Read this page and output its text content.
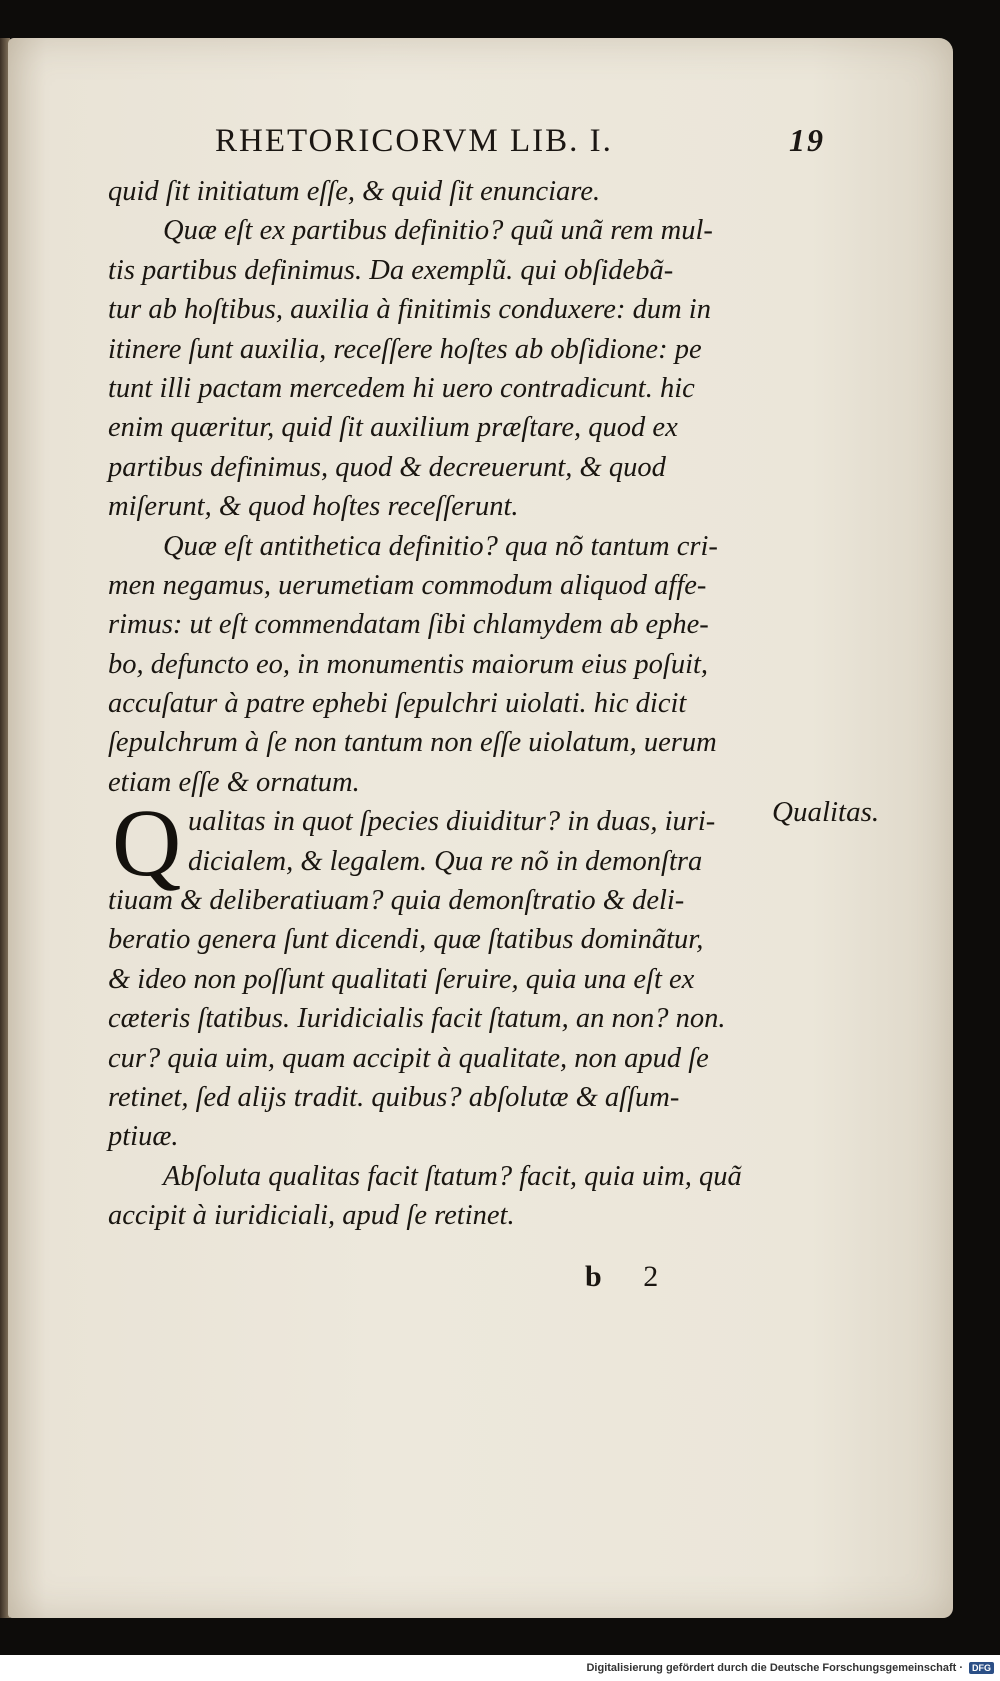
RHETORICORVM LIB. I.	19
quid ſit initiatum eſſe, & quid ſit enunciare.
Quæ eſt ex partibus definitio? quũ unã rem mul-
tis partibus definimus. Da exemplũ. qui obſidebã-
tur ab hoſtibus, auxilia à finitimis conduxere: dum in
itinere ſunt auxilia, receſſere hoſtes ab obſidione: pe
tunt illi pactam mercedem hi uero contradicunt. hic
enim quæritur, quid ſit auxilium præſtare, quod ex
partibus definimus, quod & decreuerunt, & quod
miſerunt, & quod hoſtes receſſerunt.
Quæ eſt antithetica definitio? qua nõ tantum cri-
men negamus, uerumetiam commodum aliquod affe-
rimus: ut eſt commendatam ſibi chlamydem ab ephe-
bo, defuncto eo, in monumentis maiorum eius poſuit,
accuſatur à patre ephebi ſepulchri uiolati. hic dicit
ſepulchrum à ſe non tantum non eſſe uiolatum, uerum
etiam eſſe & ornatum.
Q ualitas in quot ſpecies diuiditur? in duas, iuri-
dicialem, & legalem. Qua re nõ in demonſtra
tiuam & deliberatiuam? quia demonſtratio & deli-
beratio genera ſunt dicendi, quæ ſtatibus dominãtur,
& ideo non poſſunt qualitati ſeruire, quia una eſt ex
cæteris ſtatibus. Iuridicialis facit ſtatum, an non? non.
cur? quia uim, quam accipit à qualitate, non apud ſe
retinet, ſed alijs tradit. quibus? abſolutæ & aſſum-
ptiuæ.
Abſoluta qualitas facit ſtatum? facit, quia uim, quã
accipit à iuridiciali, apud ſe retinet.
Qualitas.
b 2
Digitalisierung gefördert durch die Deutsche Forschungsgemeinschaft ·	DFG
